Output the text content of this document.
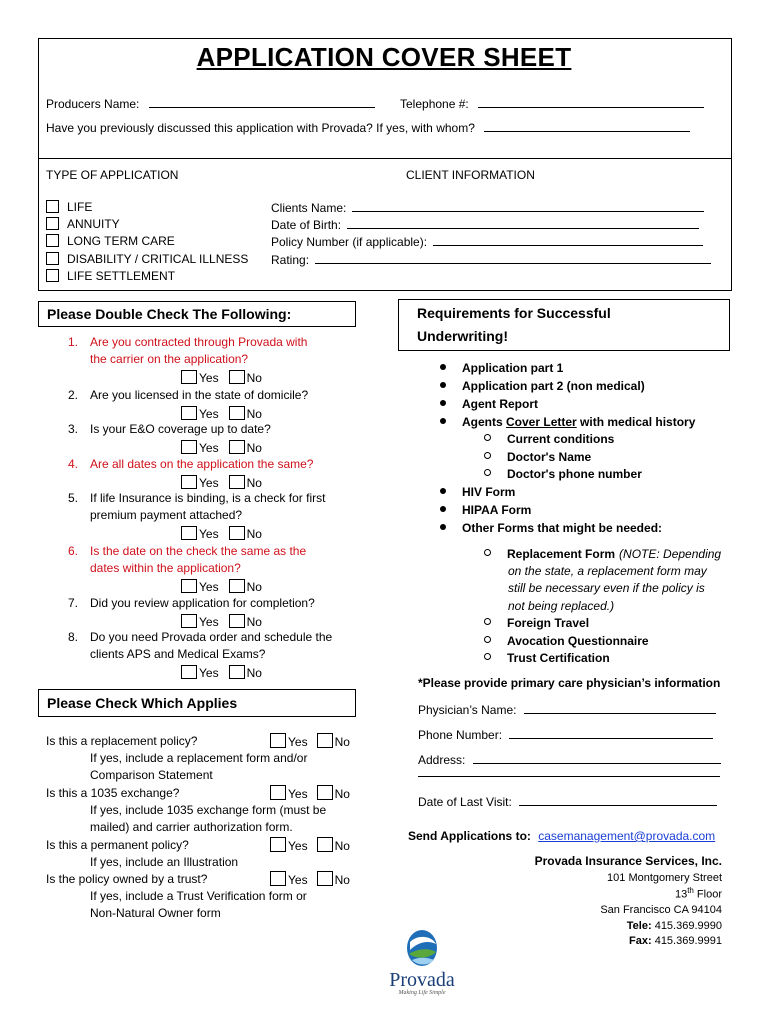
APPLICATION COVER SHEET
Producers Name:	Telephone #:
Have you previously discussed this application with Provada? If yes, with whom?
TYPE OF APPLICATION	CLIENT INFORMATION
LIFE
ANNUITY
LONG TERM CARE
DISABILITY / CRITICAL ILLNESS
LIFE SETTLEMENT
Clients Name:
Date of Birth:
Policy Number (if applicable):
Rating:
Please Double Check The Following:
1. Are you contracted through Provada with
the carrier on the application?
Yes No
2. Are you licensed in the state of domicile?
Yes No
3. Is your E&O coverage up to date?
Yes No
4. Are all dates on the application the same?
Yes No
5. If life Insurance is binding, is a check for first
premium payment attached?
Yes No
6. Is the date on the check the same as the
dates within the application?
Yes No
7. Did you review application for completion?
Yes No
8. Do you need Provada order and schedule the
clients APS and Medical Exams?
Yes No
Please Check Which Applies
Is this a replacement policy?	Yes No
If yes, include a replacement form and/or
Comparison Statement
Is this a 1035 exchange?	Yes No
If yes, include 1035 exchange form (must be
mailed) and carrier authorization form.
Is this a permanent policy?	Yes No
If yes, include an Illustration
Is the policy owned by a trust?	Yes No
If yes, include a Trust Verification form or
Non-Natural Owner form
Requirements for Successful
Underwriting!
Application part 1
Application part 2 (non medical)
Agent Report
Agents Cover Letter with medical history
Current conditions
Doctor's Name
Doctor's phone number
HIV Form
HIPAA Form
Other Forms that might be needed:
Replacement Form (NOTE: Depending
on the state, a replacement form may
still be necessary even if the policy is
not being replaced.)
Foreign Travel
Avocation Questionnaire
Trust Certification
*Please provide primary care physician’s information
Physician’s Name:
Phone Number:
Address:
Date of Last Visit:
Send Applications to: casemanagement@provada.com
Provada Insurance Services, Inc.
101 Montgomery Street
13th Floor
San Francisco CA 94104
Tele: 415.369.9990
Fax: 415.369.9991
Provada
Making Life Simple
